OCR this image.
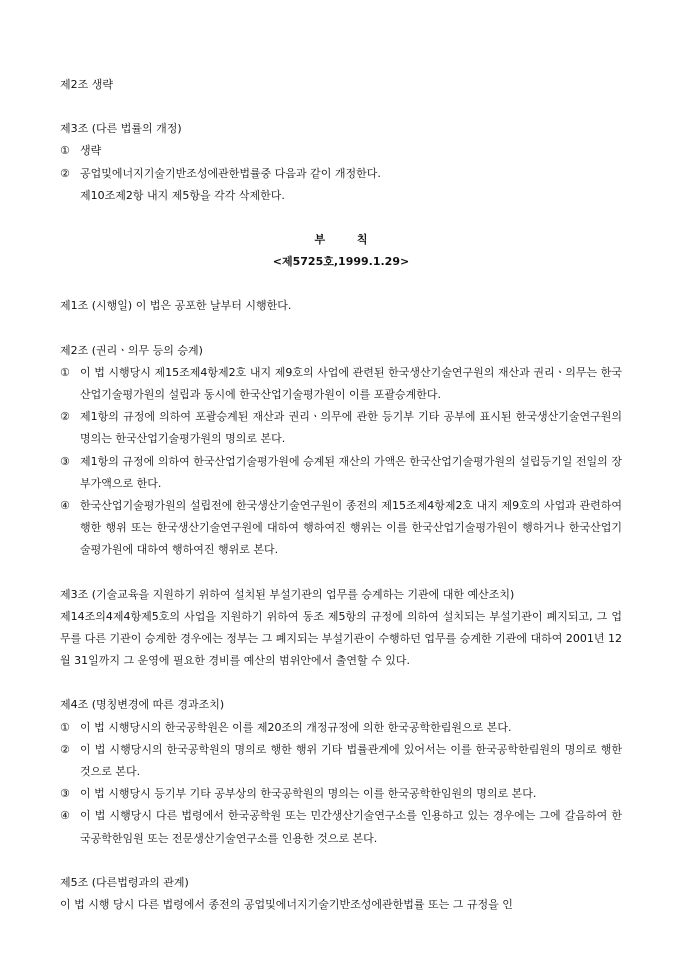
제2조 생략

제3조 (다른 법률의 개정)

① 생략
② 공업및에너지기술기반조성에관한법률중 다음과 같이 개정한다.

제10조제2항 내지 제5항을 각각 삭제한다.

부 칙

<제5725호,1999.1.29>

제1조 (시행일) 이 법은 공포한 날부터 시행한다.

제2조 (권리ㆍ의무 등의 승계)

① 이 법 시행당시 제15조제4항제2호 내지 제9호의 사업에 관련된 한국생산기술연구원의 재산과 권리ㆍ의무는 한국산업기술평가원의 설립과 동시에 한국산업기술평가원이 이를 포괄승계한다.
② 제1항의 규정에 의하여 포괄승계된 재산과 권리ㆍ의무에 관한 등기부 기타 공부에 표시된 한국생산기술연구원의 명의는 한국산업기술평가원의 명의로 본다.
③ 제1항의 규정에 의하여 한국산업기술평가원에 승계된 재산의 가액은 한국산업기술평가원의 설립등기일 전일의 장부가액으로 한다.
④ 한국산업기술평가원의 설립전에 한국생산기술연구원이 종전의 제15조제4항제2호 내지 제9호의 사업과 관련하여 행한 행위 또는 한국생산기술연구원에 대하여 행하여진 행위는 이를 한국산업기술평가원이 행하거나 한국산업기술평가원에 대하여 행하여진 행위로 본다.

제3조 (기술교육을 지원하기 위하여 설치된 부설기관의 업무를 승계하는 기관에 대한 예산조치)

제14조의4제4항제5호의 사업을 지원하기 위하여 동조 제5항의 규정에 의하여 설치되는 부설기관이 폐지되고, 그 업무를 다른 기관이 승계한 경우에는 정부는 그 폐지되는 부설기관이 수행하던 업무를 승계한 기관에 대하여 2001년 12월 31일까지 그 운영에 필요한 경비를 예산의 범위안에서 출연할 수 있다.

제4조 (명칭변경에 따른 경과조치)

① 이 법 시행당시의 한국공학원은 이를 제20조의 개정규정에 의한 한국공학한림원으로 본다.
② 이 법 시행당시의 한국공학원의 명의로 행한 행위 기타 법률관계에 있어서는 이를 한국공학한림원의 명의로 행한 것으로 본다.
③ 이 법 시행당시 등기부 기타 공부상의 한국공학원의 명의는 이를 한국공학한임원의 명의로 본다.
④ 이 법 시행당시 다른 법령에서 한국공학원 또는 민간생산기술연구소를 인용하고 있는 경우에는 그에 갈음하여 한국공학한임원 또는 전문생산기술연구소를 인용한 것으로 본다.

제5조 (다른법령과의 관계)

이 법 시행 당시 다른 법령에서 종전의 공업및에너지기술기반조성에관한법률 또는 그 규정을 인
